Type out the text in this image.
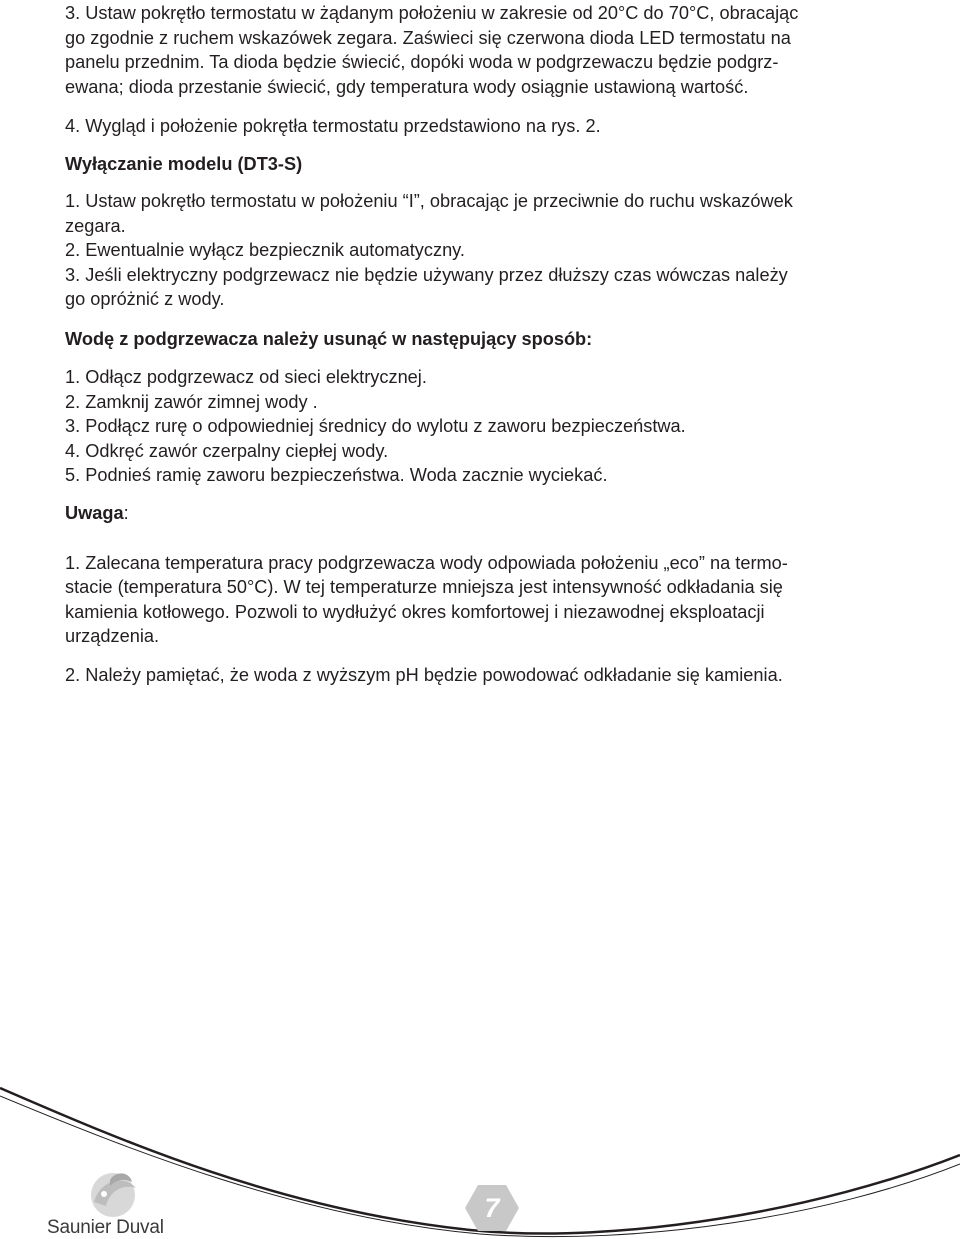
3. Ustaw pokrętło termostatu w żądanym położeniu w zakresie od 20°C do 70°C, obracając
go zgodnie z ruchem wskazówek zegara. Zaświeci się czerwona dioda LED termostatu na
panelu przednim. Ta dioda będzie świecić, dopóki woda w podgrzewaczu będzie podgrz-
ewana; dioda przestanie świecić, gdy temperatura wody osiągnie ustawioną wartość.
4. Wygląd i położenie pokrętła termostatu przedstawiono na rys. 2.
Wyłączanie modelu (DT3-S)
1. Ustaw pokrętło termostatu w położeniu “I”, obracając je przeciwnie do ruchu wskazówek
zegara.
2. Ewentualnie wyłącz bezpiecznik automatyczny.
3. Jeśli elektryczny podgrzewacz nie będzie używany przez dłuższy czas wówczas należy
go opróżnić z wody.
Wodę z podgrzewacza należy usunąć w następujący sposób:
1. Odłącz podgrzewacz od sieci elektrycznej.
2. Zamknij zawór zimnej wody .
3. Podłącz rurę o odpowiedniej średnicy do wylotu z zaworu bezpieczeństwa.
4. Odkręć zawór czerpalny ciepłej wody.
5. Podnieś ramię zaworu bezpieczeństwa. Woda zacznie wyciekać.
Uwaga:
1. Zalecana temperatura pracy podgrzewacza wody odpowiada położeniu „eco” na termo-
stacie (temperatura 50°C). W tej temperaturze mniejsza jest intensywność odkładania się
kamienia kotłowego. Pozwoli to wydłużyć okres komfortowej i niezawodnej eksploatacji
urządzenia.
2. Należy pamiętać, że woda z wyższym pH będzie powodować odkładanie się kamienia.
Saunier Duval
7
